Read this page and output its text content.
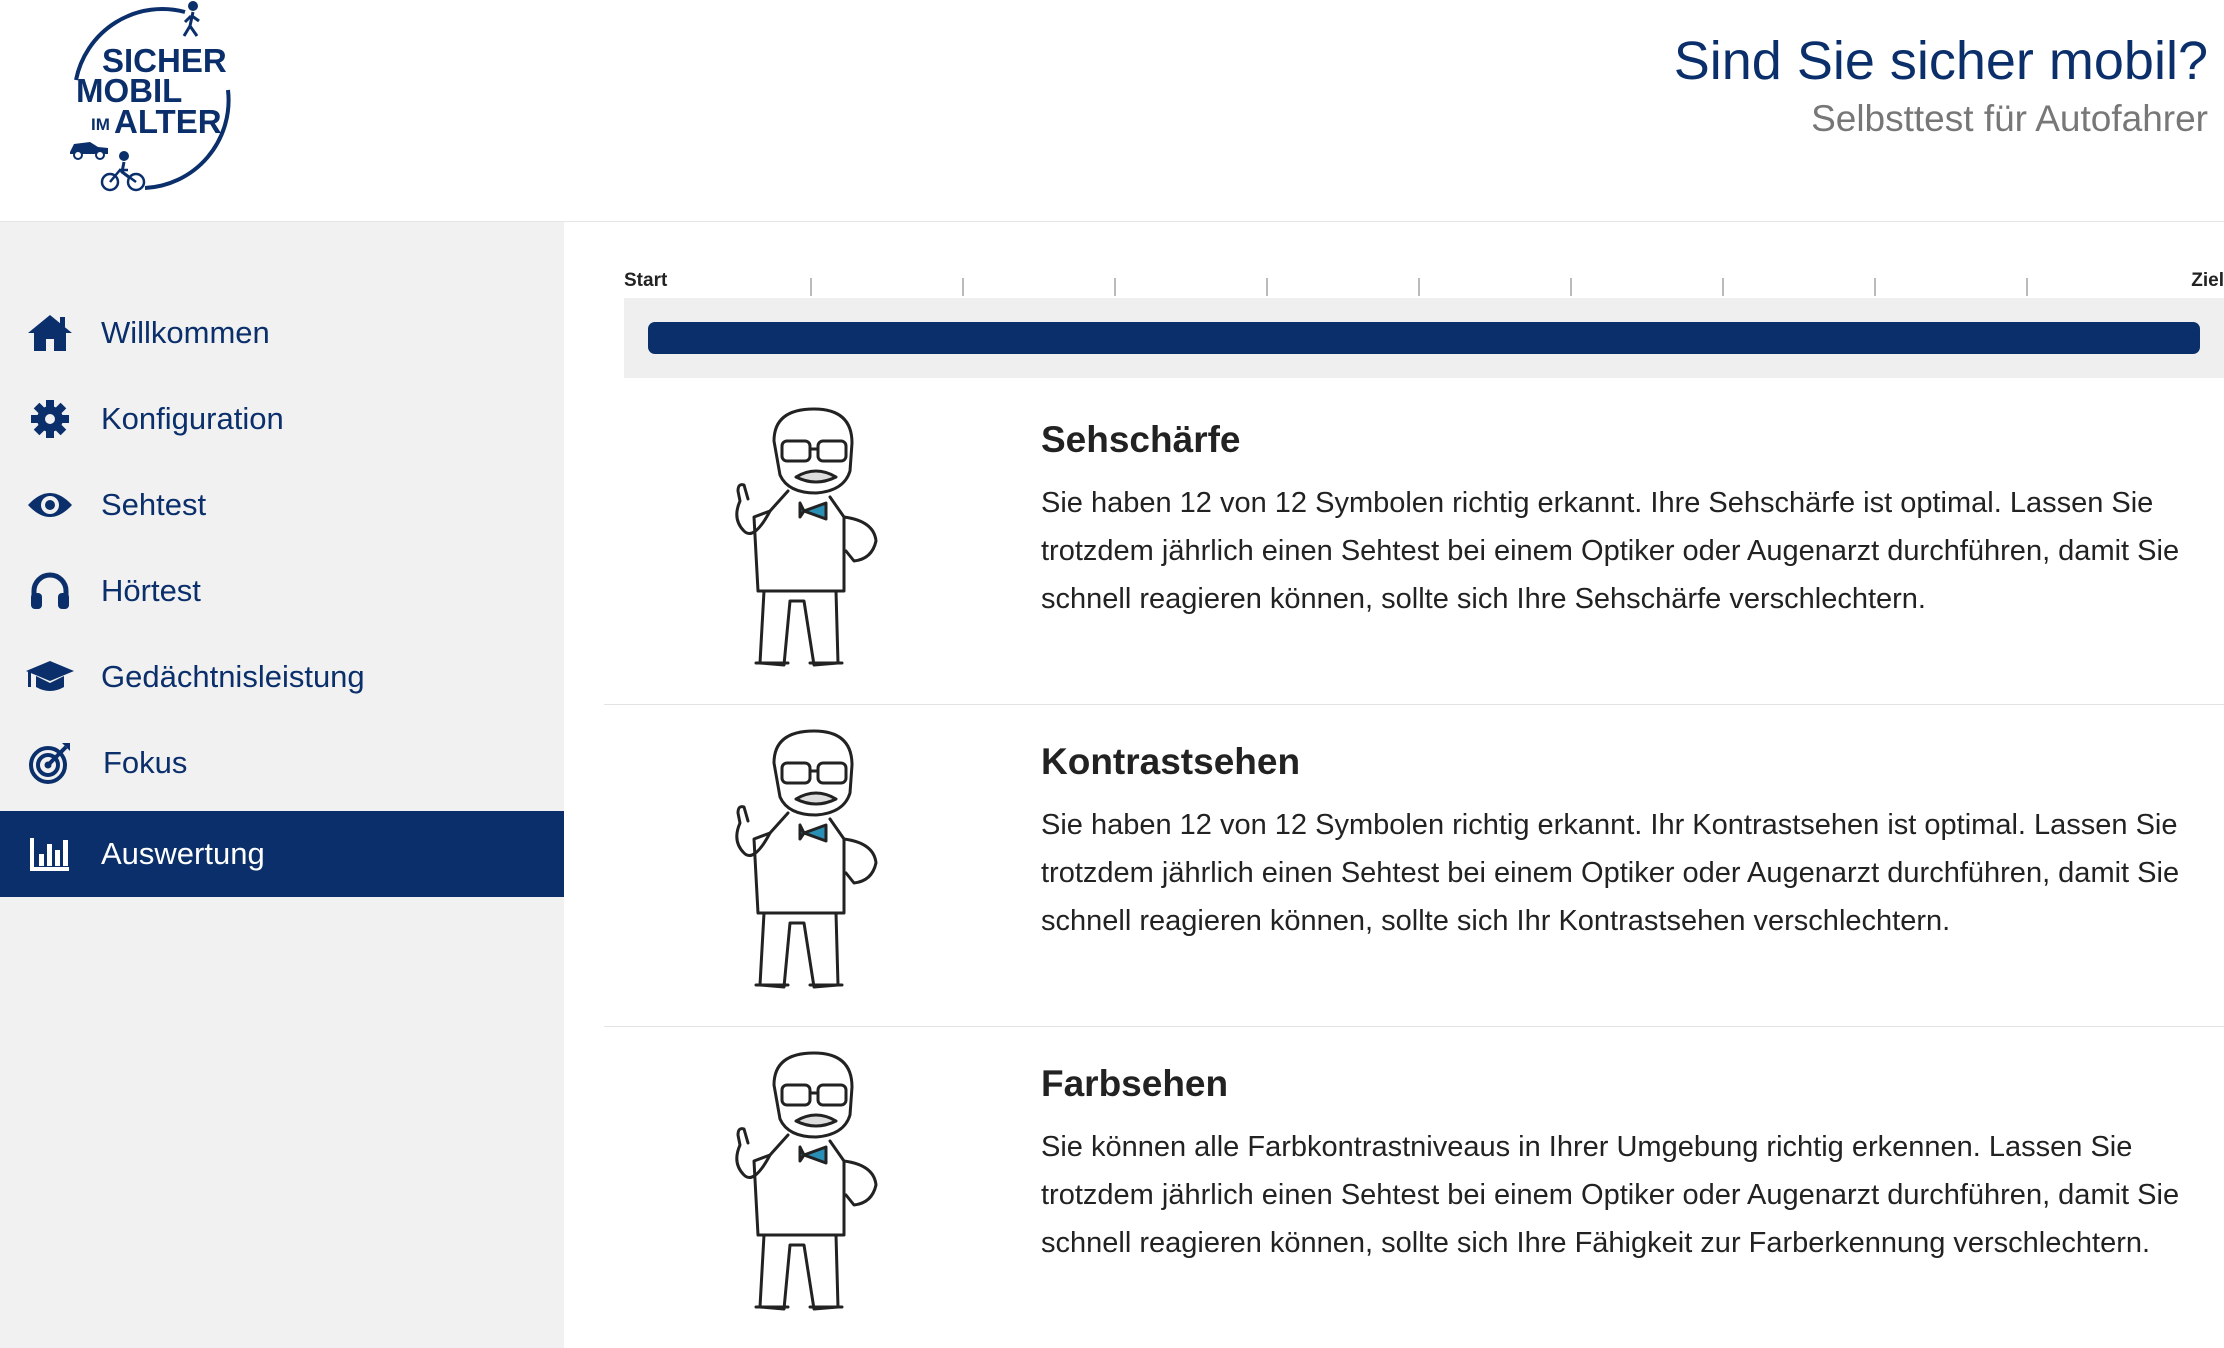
SICHER
MOBIL
IM ALTER
Sind Sie sicher mobil?
Selbsttest für Autofahrer
Willkommen
Konfiguration
Sehtest
Hörtest
Gedächtnisleistung
Fokus
Auswertung
Start	Ziel
Sehschärfe
Sie haben 12 von 12 Symbolen richtig erkannt. Ihre Sehschärfe ist optimal. Lassen Sie trotzdem jährlich einen Sehtest bei einem Optiker oder Augenarzt durchführen, damit Sie schnell reagieren können, sollte sich Ihre Sehschärfe verschlechtern.
Kontrastsehen
Sie haben 12 von 12 Symbolen richtig erkannt. Ihr Kontrastsehen ist optimal. Lassen Sie trotzdem jährlich einen Sehtest bei einem Optiker oder Augenarzt durchführen, damit Sie schnell reagieren können, sollte sich Ihr Kontrastsehen verschlechtern.
Farbsehen
Sie können alle Farbkontrastniveaus in Ihrer Umgebung richtig erkennen. Lassen Sie trotzdem jährlich einen Sehtest bei einem Optiker oder Augenarzt durchführen, damit Sie schnell reagieren können, sollte sich Ihre Fähigkeit zur Farberkennung verschlechtern.
